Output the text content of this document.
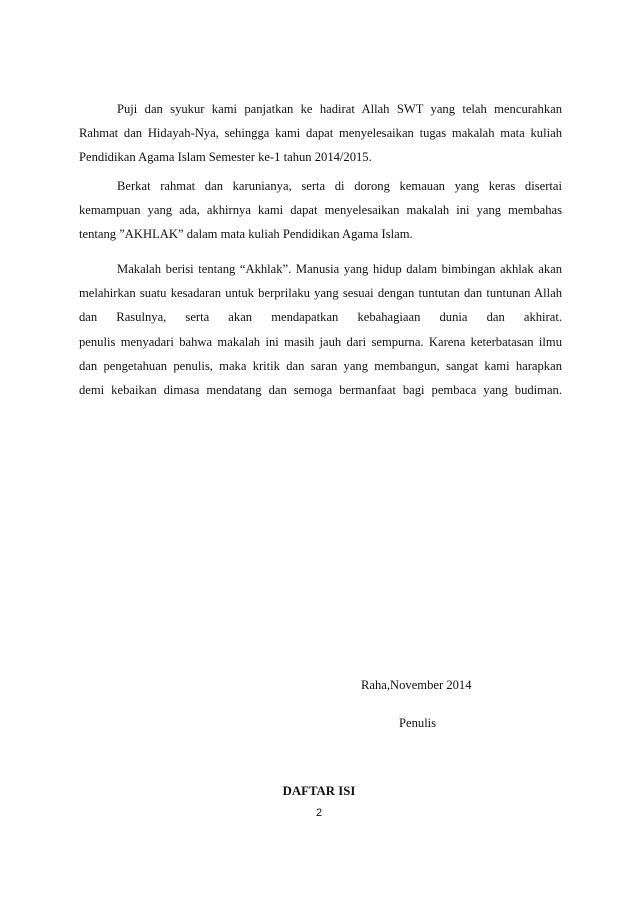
Puji dan syukur kami panjatkan ke hadirat Allah SWT yang telah mencurahkan
Rahmat dan Hidayah-Nya, sehingga kami dapat menyelesaikan tugas makalah mata kuliah
Pendidikan Agama Islam Semester ke-1 tahun 2014/2015.

Berkat rahmat dan karunianya, serta di dorong kemauan yang keras disertai
kemampuan yang ada, akhirnya kami dapat menyelesaikan makalah ini yang membahas
tentang ”AKHLAK” dalam mata kuliah Pendidikan Agama Islam.

Makalah berisi tentang “Akhlak”. Manusia yang hidup dalam bimbingan akhlak akan
melahirkan suatu kesadaran untuk berprilaku yang sesuai dengan tuntutan dan tuntunan Allah
dan Rasulnya, serta akan mendapatkan kebahagiaan dunia dan akhirat.
penulis menyadari bahwa makalah ini masih jauh dari sempurna. Karena keterbatasan ilmu
dan pengetahuan penulis, maka kritik dan saran yang membangun, sangat kami harapkan
demi kebaikan dimasa mendatang dan semoga bermanfaat bagi pembaca yang budiman.

Raha,November 2014
Penulis
DAFTAR ISI
2
